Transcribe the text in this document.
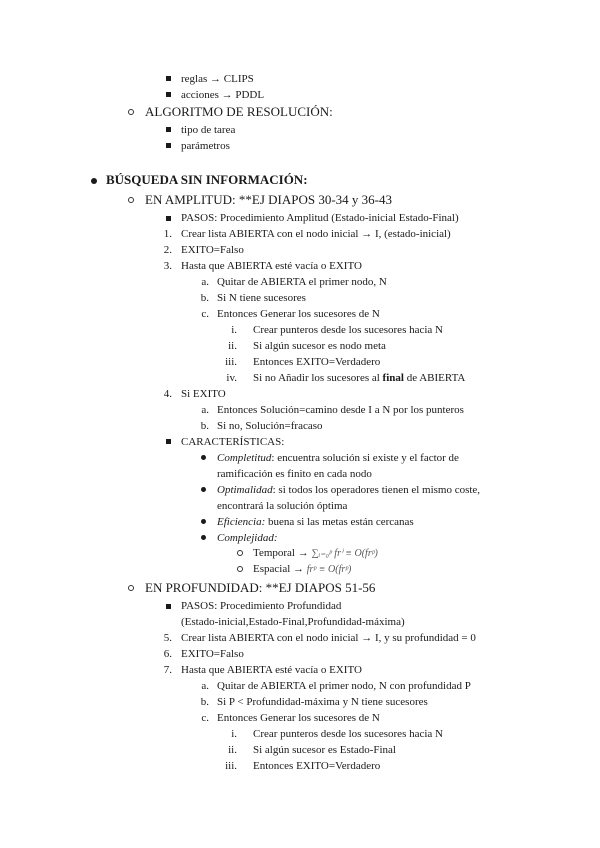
reglas → CLIPS
acciones → PDDL
ALGORITMO DE RESOLUCIÓN:
tipo de tarea
parámetros
BÚSQUEDA SIN INFORMACIÓN:
EN AMPLITUD: **EJ DIAPOS 30-34 y 36-43
PASOS: Procedimiento Amplitud (Estado-inicial Estado-Final)
1. Crear lista ABIERTA con el nodo inicial → I, (estado-inicial)
2. EXITO=Falso
3. Hasta que ABIERTA esté vacía o EXITO
a. Quitar de ABIERTA el primer nodo, N
b. Si N tiene sucesores
c. Entonces Generar los sucesores de N
i. Crear punteros desde los sucesores hacia N
ii. Si algún sucesor es nodo meta
iii. Entonces EXITO=Verdadero
iv. Si no Añadir los sucesores al final de ABIERTA
4. Si EXITO
a. Entonces Solución=camino desde I a N por los punteros
b. Si no, Solución=fracaso
CARACTERÍSTICAS:
Completitud: encuentra solución si existe y el factor de
ramificación es finito en cada nodo
Optimalidad: si todos los operadores tienen el mismo coste,
encontrará la solución óptima
Eficiencia: buena si las metas están cercanas
Complejidad:
Temporal → ∑ᵢ₌₀ᵖ frⁱ ≡ O(frᵖ)
Espacial → frᵖ ≡ O(frᵖ)
EN PROFUNDIDAD: **EJ DIAPOS 51-56
PASOS: Procedimiento Profundidad
(Estado-inicial,Estado-Final,Profundidad-máxima)
5. Crear lista ABIERTA con el nodo inicial → I, y su profundidad = 0
6. EXITO=Falso
7. Hasta que ABIERTA esté vacía o EXITO
a. Quitar de ABIERTA el primer nodo, N con profundidad P
b. Si P < Profundidad-máxima y N tiene sucesores
c. Entonces Generar los sucesores de N
i. Crear punteros desde los sucesores hacia N
ii. Si algún sucesor es Estado-Final
iii. Entonces EXITO=Verdadero
